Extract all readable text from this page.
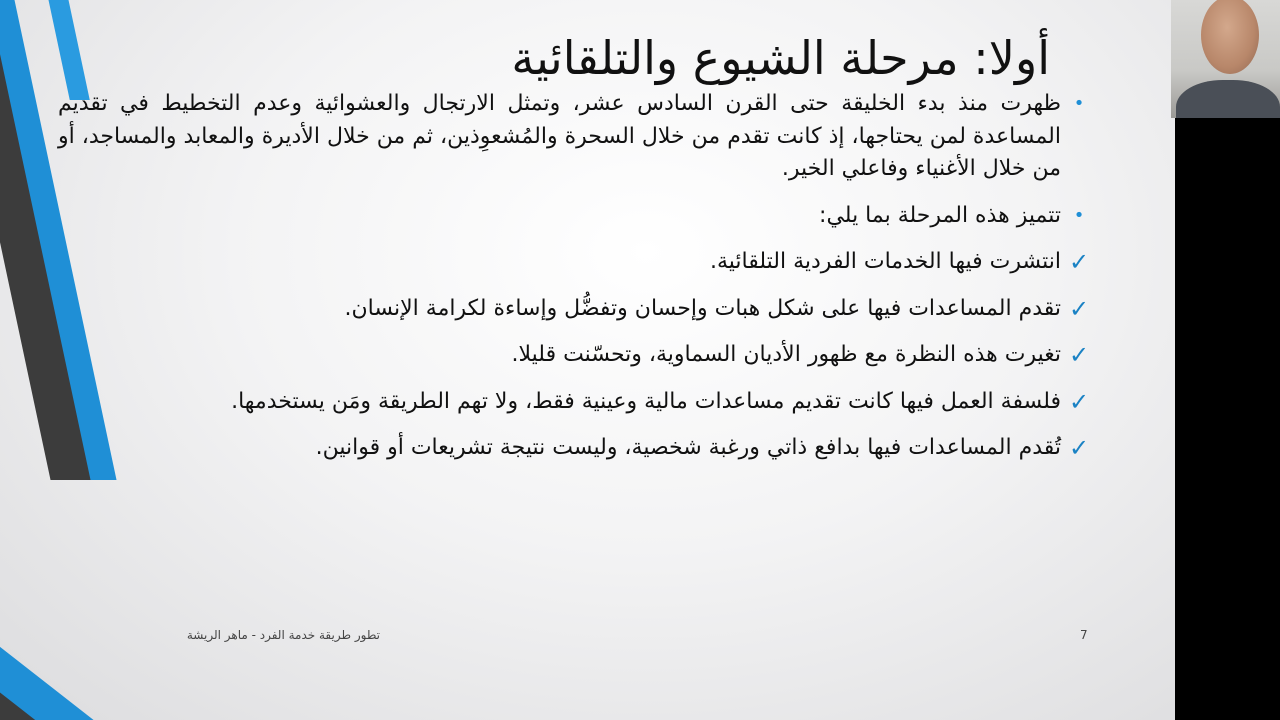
أولا: مرحلة الشيوع والتلقائية
•
ظهرت منذ بدء الخليقة حتى القرن السادس عشر، وتمثل الارتجال والعشوائية وعدم التخطيط في تقديم المساعدة لمن يحتاجها، إذ كانت تقدم من خلال السحرة والمُشعوِذين، ثم من خلال الأديرة والمعابد والمساجد، أو من خلال الأغنياء وفاعلي الخير.
•
تتميز هذه المرحلة بما يلي:
✓
انتشرت فيها الخدمات الفردية التلقائية.
✓
تقدم المساعدات فيها على شكل هبات وإحسان وتفضُّل وإساءة لكرامة الإنسان.
✓
تغيرت هذه النظرة مع ظهور الأديان السماوية، وتحسّنت قليلا.
✓
فلسفة العمل فيها كانت تقديم مساعدات مالية وعينية فقط، ولا تهم الطريقة ومَن يستخدمها.
✓
تُقدم المساعدات فيها بدافع ذاتي ورغبة شخصية، وليست نتيجة تشريعات أو قوانين.
تطور طريقة خدمة الفرد - ماهر الريشة	7
